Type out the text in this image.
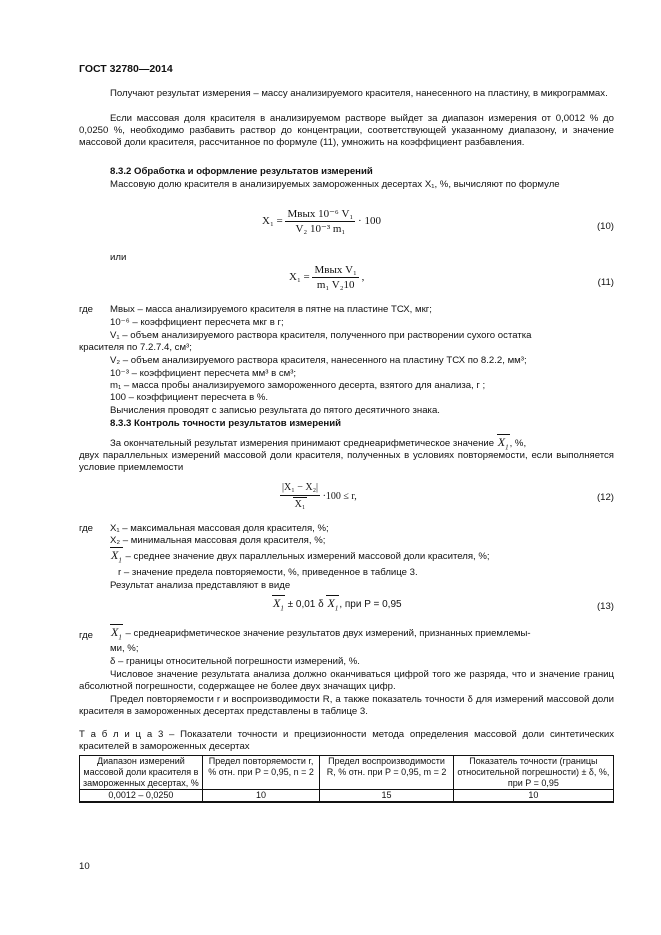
ГОСТ 32780—2014
Получают результат измерения – массу анализируемого красителя, нанесенного на пластину, в микрограммах.
Если массовая доля красителя в анализируемом растворе выйдет за диапазон измерения от 0,0012 % до 0,0250 %, необходимо разбавить раствор до концентрации, соответствующей указанному диапазону, и значение массовой доли красителя, рассчитанное по формуле (11), умножить на коэффициент разбавления.
8.3.2 Обработка и оформление результатов измерений
Массовую долю красителя в анализируемых замороженных десертах X₁, %, вычисляют по формуле
$X_1 = \frac{\text{Mвых 10⁻⁶ V₁}}{\text{V₂ 10⁻³ m₁}} \cdot 100$	(10)
или
$X_1 = \frac{\text{Mвых V₁}}{\text{m₁ V₂10}}$ ,	(11)
где Mвых – масса анализируемого красителя в пятне на пластине ТСХ, мкг;
10⁻⁶ – коэффициент пересчета мкг в г;
V₁ – объем анализируемого раствора красителя, полученного при растворении сухого остатка
красителя по 7.2.7.4, см³;
V₂ – объем анализируемого раствора красителя, нанесенного на пластину ТСХ по 8.2.2, мм³;
10⁻³ – коэффициент пересчета мм³ в см³;
m₁ – масса пробы анализируемого замороженного десерта, взятого для анализа, г ;
100 – коэффициент пересчета в %.
Вычисления проводят с записью результата до пятого десятичного знака.
8.3.3 Контроль точности результатов измерений
За окончательный результат измерения принимают среднеарифметическое значение $X_1$, %,
двух параллельных измерений массовой доли красителя, полученных в условиях повторяемости, если выполняется условие приемлемости
$\frac{\text{|X₁ − X₂|}}{\text{X₁}} \cdot 100 \le r$,	(12)
где X₁ – максимальная массовая доля красителя, %;
X₂ – минимальная массовая доля красителя, %;
$X_1$ – среднее значение двух параллельных измерений массовой доли красителя, %;
r – значение предела повторяемости, %, приведенное в таблице 3.
Результат анализа представляют в виде
$X_1 \pm 0,01$ δ $X_1$, при P = 0,95	(13)
где $X_1$ – среднеарифметическое значение результатов двух измерений, признанных приемлемы-
ми, %;
δ – границы относительной погрешности измерений, %.
Числовое значение результата анализа должно оканчиваться цифрой того же разряда, что и значение границ абсолютной погрешности, содержащее не более двух значащих цифр.
Предел повторяемости r и воспроизводимости R, а также показатель точности δ для измерений массовой доли красителя в замороженных десертах представлены в таблице 3.
Т а б л и ц а 3 – Показатели точности и прецизионности метода определения массовой доли синтетических красителей в замороженных десертах
Диапазон измерений массовой доли красителя в замороженных десертах, %	Предел повторяемости r, % отн. при P = 0,95, n = 2	Предел воспроизводимости R, % отн. при P = 0,95, m = 2	Показатель точности (границы относительной погрешности) ± δ, %, при P = 0,95
0,0012 – 0,0250	10	15	10
10
